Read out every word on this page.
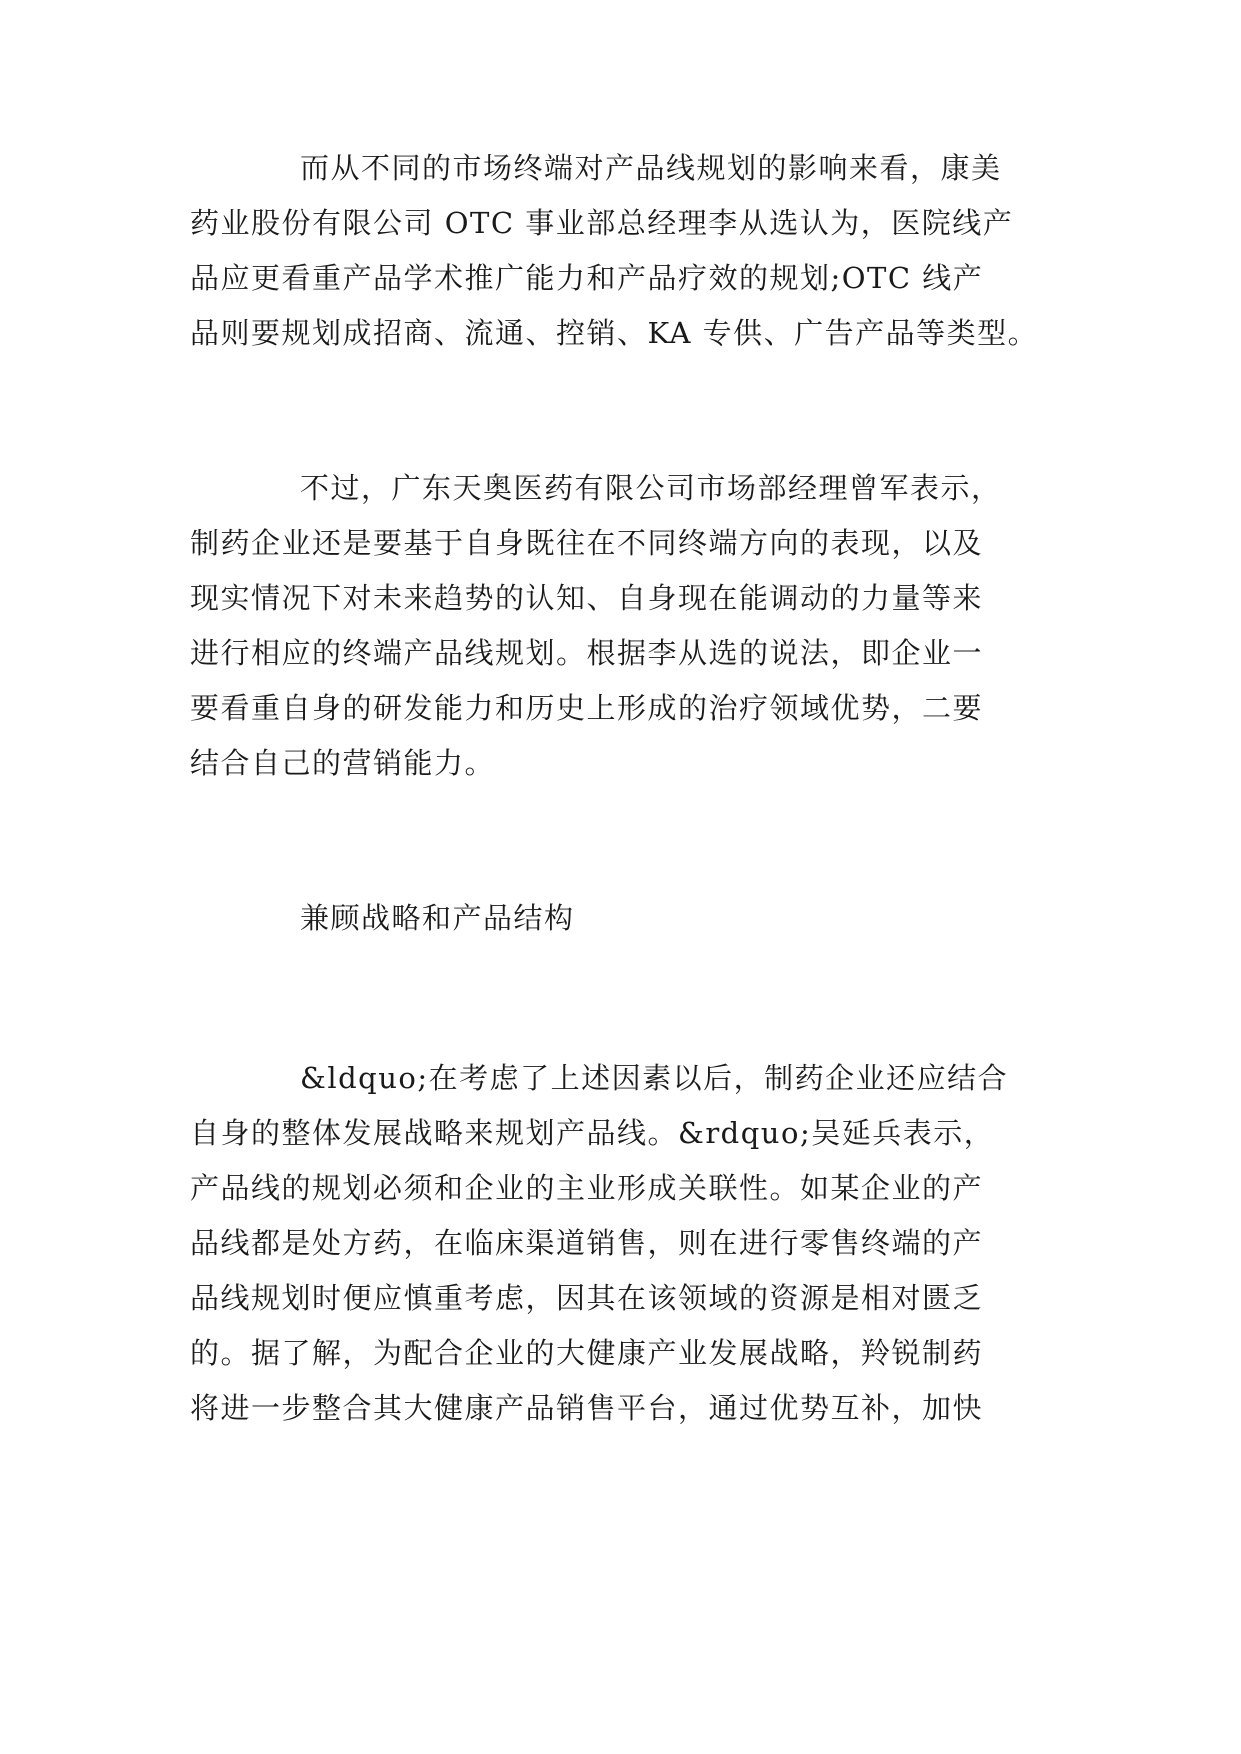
而从不同的市场终端对产品线规划的影响来看，康美
药业股份有限公司 OTC 事业部总经理李从选认为，医院线产
品应更看重产品学术推广能力和产品疗效的规划;OTC 线产
品则要规划成招商、流通、控销、KA 专供、广告产品等类型。
不过，广东天奥医药有限公司市场部经理曾军表示，
制药企业还是要基于自身既往在不同终端方向的表现，以及
现实情况下对未来趋势的认知、自身现在能调动的力量等来
进行相应的终端产品线规划。根据李从选的说法，即企业一
要看重自身的研发能力和历史上形成的治疗领域优势，二要
结合自己的营销能力。
兼顾战略和产品结构
&ldquo;在考虑了上述因素以后，制药企业还应结合
自身的整体发展战略来规划产品线。&rdquo;吴延兵表示，
产品线的规划必须和企业的主业形成关联性。如某企业的产
品线都是处方药，在临床渠道销售，则在进行零售终端的产
品线规划时便应慎重考虑，因其在该领域的资源是相对匮乏
的。据了解，为配合企业的大健康产业发展战略，羚锐制药
将进一步整合其大健康产品销售平台，通过优势互补，加快
